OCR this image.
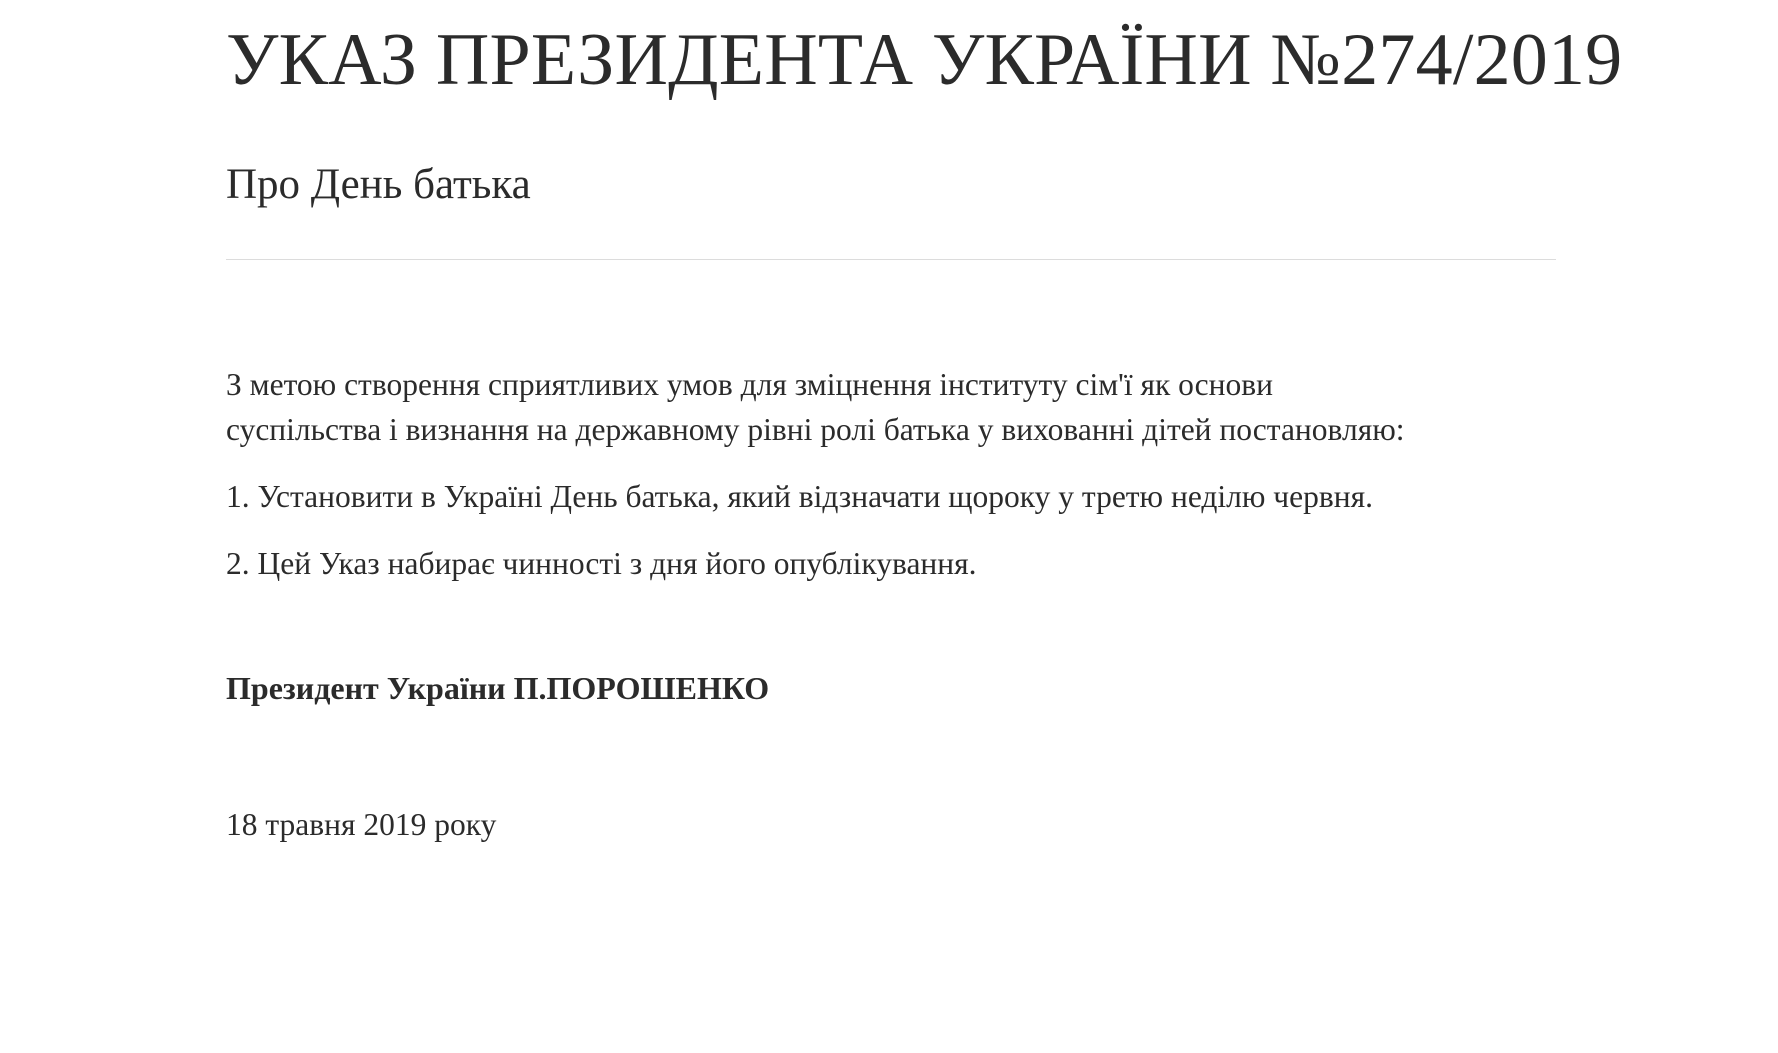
УКАЗ ПРЕЗИДЕНТА УКРАЇНИ №274/2019
Про День батька

З метою створення сприятливих умов для зміцнення інституту сім'ї як основи
суспільства і визнання на державному рівні ролі батька у вихованні дітей постановляю:

1. Установити в Україні День батька, який відзначати щороку у третю неділю червня.

2. Цей Указ набирає чинності з дня його опублікування.

Президент України П.ПОРОШЕНКО
18 травня 2019 року
